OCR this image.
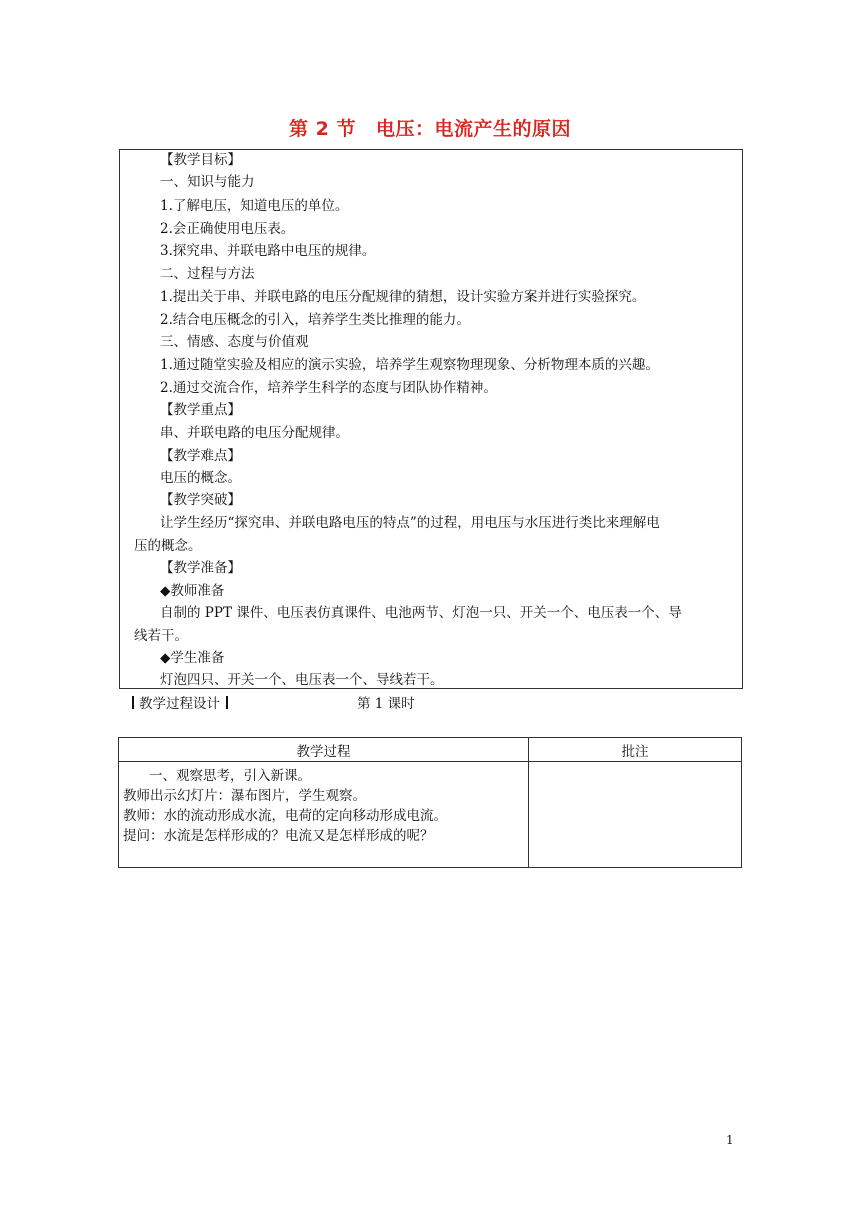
第 2 节 电压：电流产生的原因
【教学目标】
一、知识与能力
1.了解电压，知道电压的单位。
2.会正确使用电压表。
3.探究串、并联电路中电压的规律。
二、过程与方法
1.提出关于串、并联电路的电压分配规律的猜想，设计实验方案并进行实验探究。
2.结合电压概念的引入，培养学生类比推理的能力。
三、情感、态度与价值观
1.通过随堂实验及相应的演示实验，培养学生观察物理现象、分析物理本质的兴趣。
2.通过交流合作，培养学生科学的态度与团队协作精神。
【教学重点】
串、并联电路的电压分配规律。
【教学难点】
电压的概念。
【教学突破】
让学生经历“探究串、并联电路电压的特点”的过程，用电压与水压进行类比来理解电
压的概念。
【教学准备】
◆教师准备
自制的 PPT 课件、电压表仿真课件、电池两节、灯泡一只、开关一个、电压表一个、导
线若干。
◆学生准备
灯泡四只、开关一个、电压表一个、导线若干。
教学过程设计	第 1 课时
教学过程	批注

一、观察思考，引入新课。
教师出示幻灯片：瀑布图片，学生观察。
教师：水的流动形成水流，电荷的定向移动形成电流。
提问：水流是怎样形成的？电流又是怎样形成的呢？	

1
